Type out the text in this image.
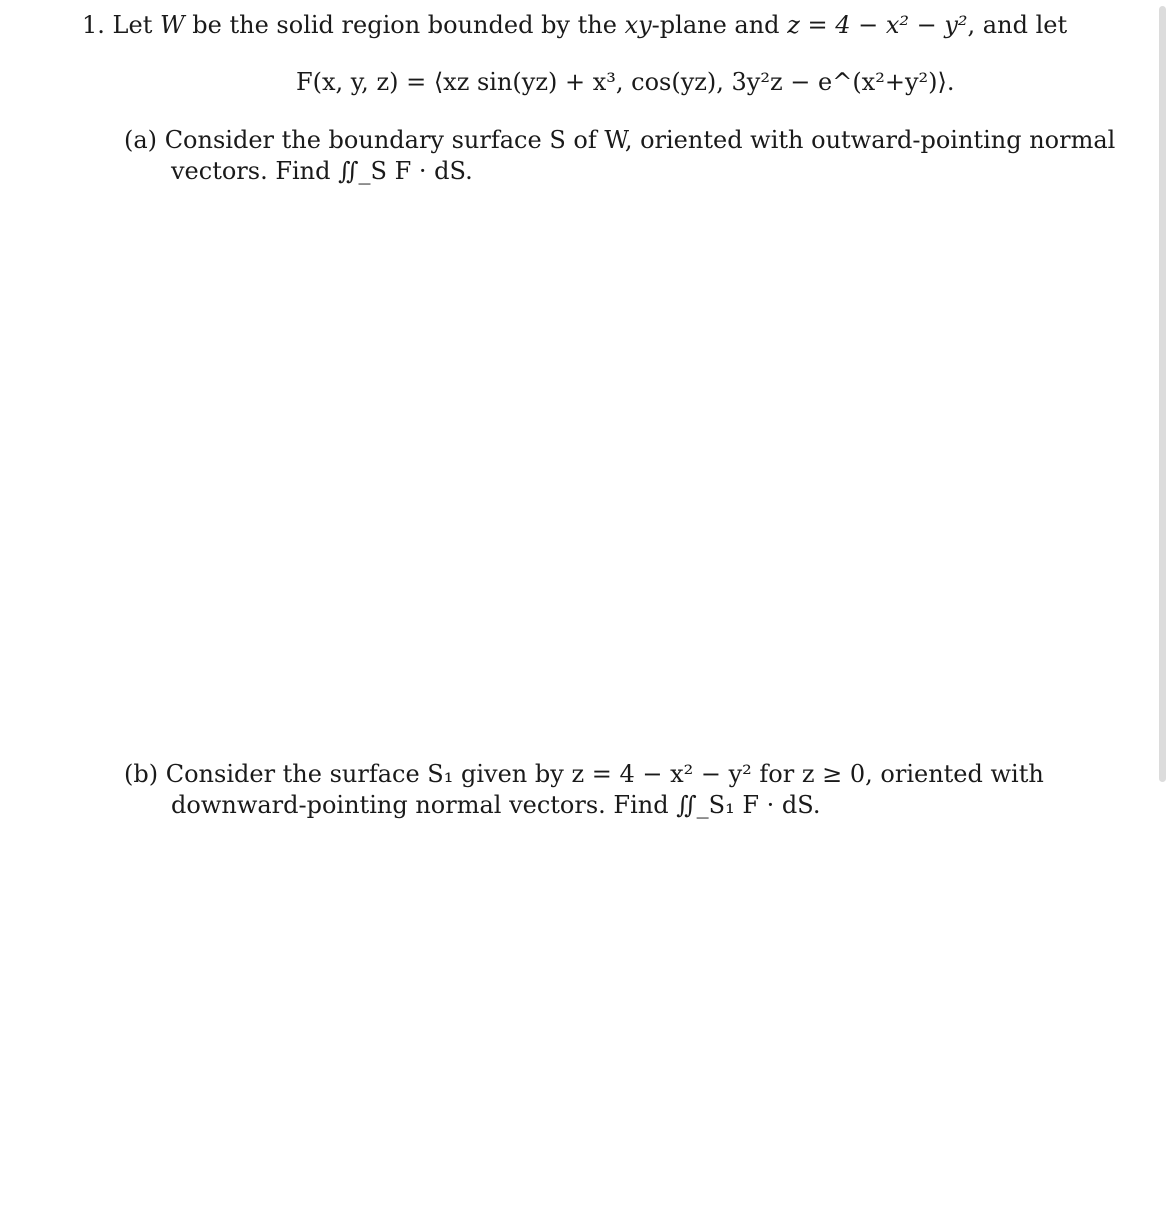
1. Let W be the solid region bounded by the xy-plane and z = 4 − x² − y², and let
F(x, y, z) = ⟨xz sin(yz) + x³, cos(yz), 3y²z − e^(x²+y²)⟩.
(a) Consider the boundary surface S of W, oriented with outward-pointing normal
vectors. Find ∬_S F · dS.
(b) Consider the surface S₁ given by z = 4 − x² − y² for z ≥ 0, oriented with
downward-pointing normal vectors. Find ∬_S₁ F · dS.
